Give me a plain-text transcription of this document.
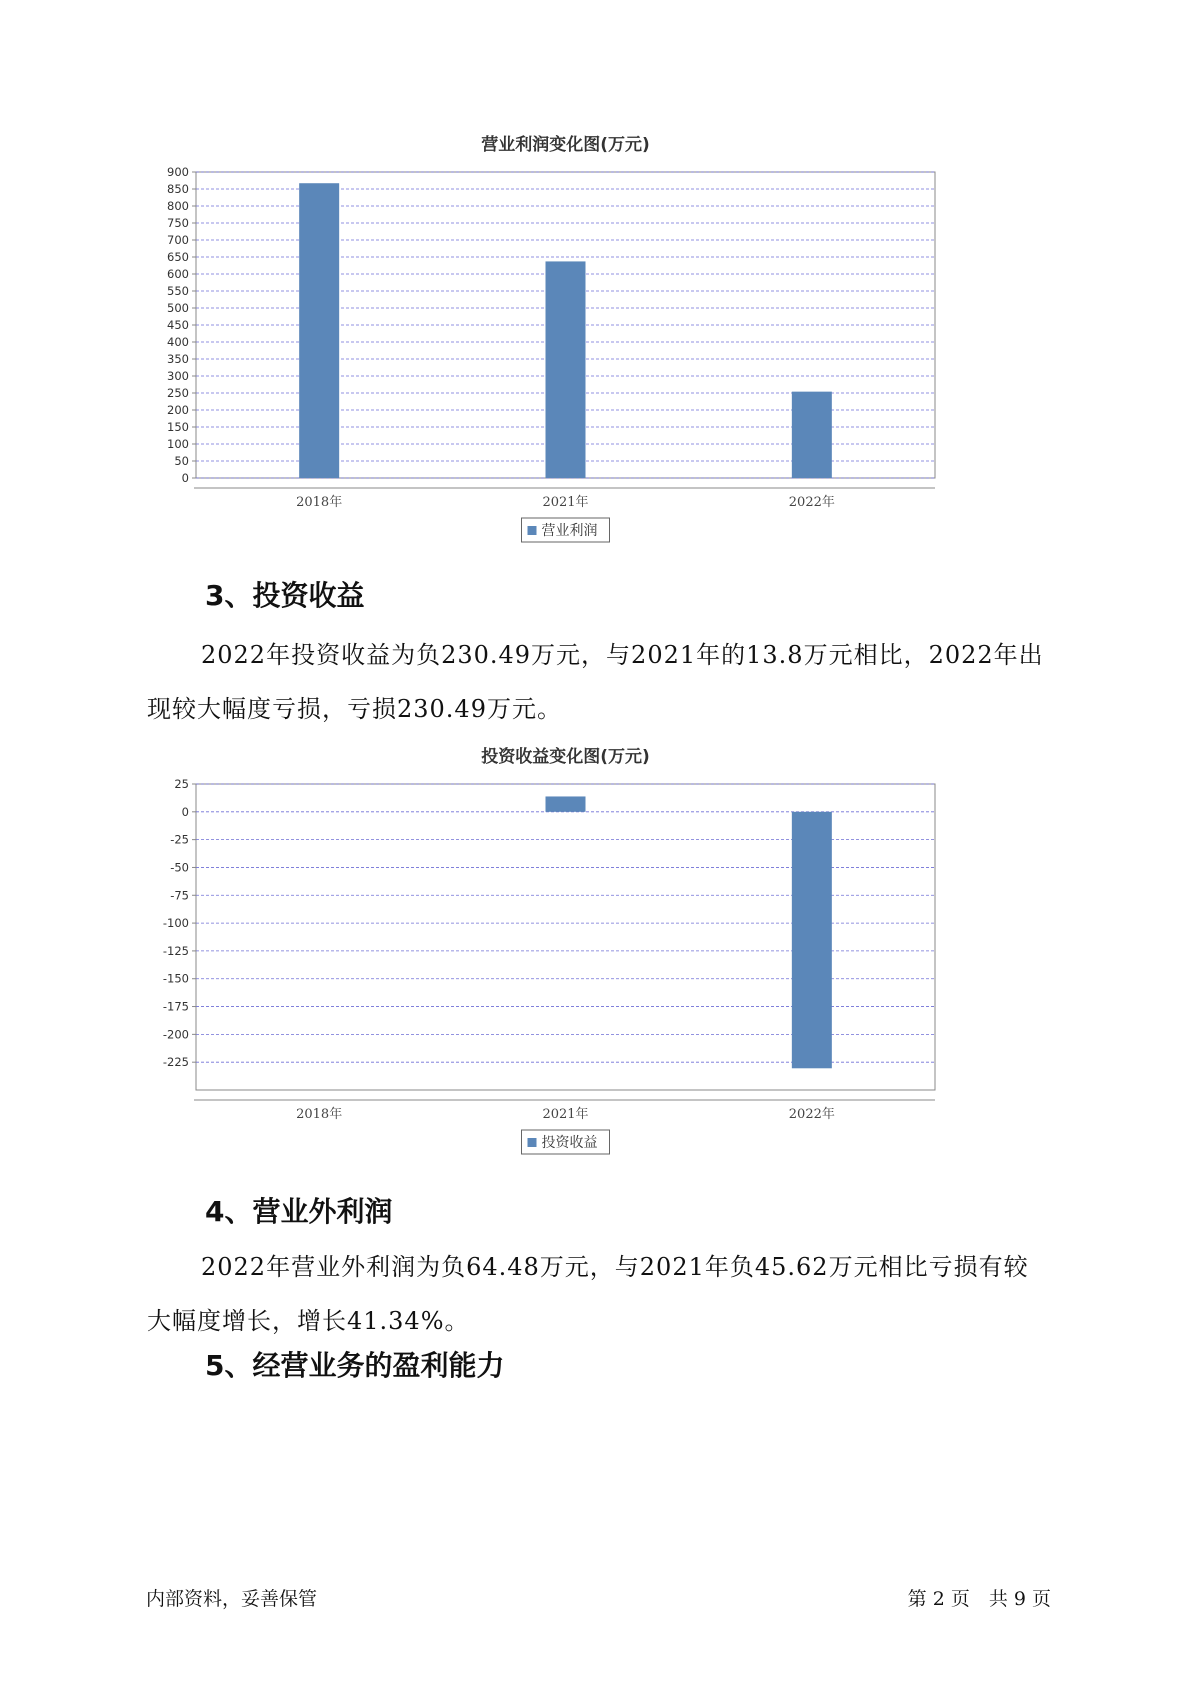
营业利润变化图(万元)
0
50
100
150
200
250
300
350
400
450
500
550
600
650
700
750
800
850
900
2018年	2021年	2022年
营业利润
3、投资收益

2022年投资收益为负230.49万元，与2021年的13.8万元相比，2022年出现较大幅度亏损，亏损230.49万元。

投资收益变化图(万元)
25
0
-25
-50
-75
-100
-125
-150
-175
-200
-225
2018年	2021年	2022年
投资收益
4、营业外利润

2022年营业外利润为负64.48万元，与2021年负45.62万元相比亏损有较大幅度增长，增长41.34%。

5、经营业务的盈利能力
内部资料，妥善保管	第 2 页　共 9 页
